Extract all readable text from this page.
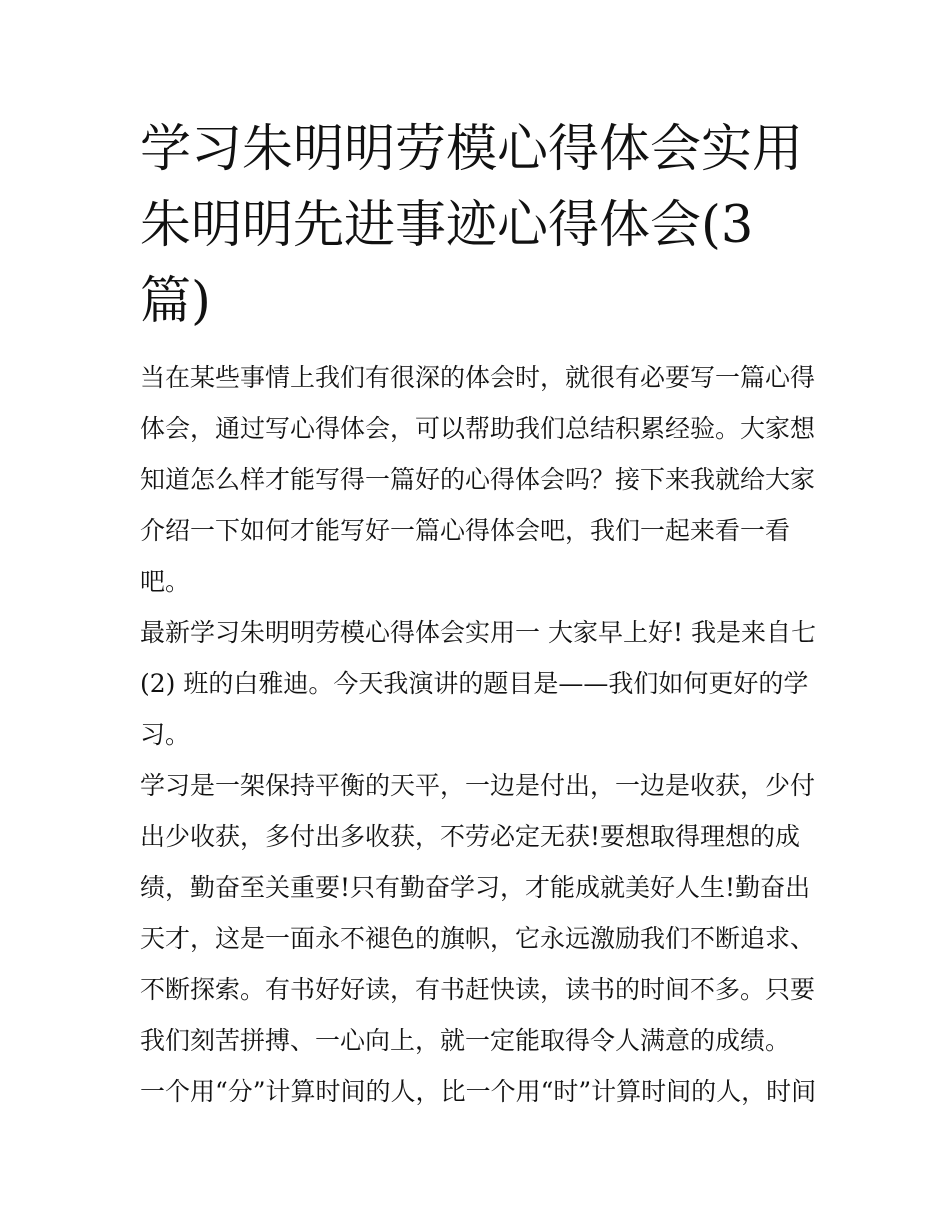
学习朱明明劳模心得体会实用
朱明明先进事迹心得体会(3
篇)

当在某些事情上我们有很深的体会时，就很有必要写一篇心得
体会，通过写心得体会，可以帮助我们总结积累经验。大家想
知道怎么样才能写得一篇好的心得体会吗？接下来我就给大家
介绍一下如何才能写好一篇心得体会吧，我们一起来看一看
吧。

最新学习朱明明劳模心得体会实用一 大家早上好! 我是来自七
(2) 班的白雅迪。今天我演讲的题目是——我们如何更好的学
习。

学习是一架保持平衡的天平，一边是付出，一边是收获，少付
出少收获，多付出多收获，不劳必定无获!要想取得理想的成
绩，勤奋至关重要!只有勤奋学习，才能成就美好人生!勤奋出
天才，这是一面永不褪色的旗帜，它永远激励我们不断追求、
不断探索。有书好好读，有书赶快读，读书的时间不多。只要
我们刻苦拼搏、一心向上，就一定能取得令人满意的成绩。

一个用“分”计算时间的人，比一个用“时”计算时间的人，时间
